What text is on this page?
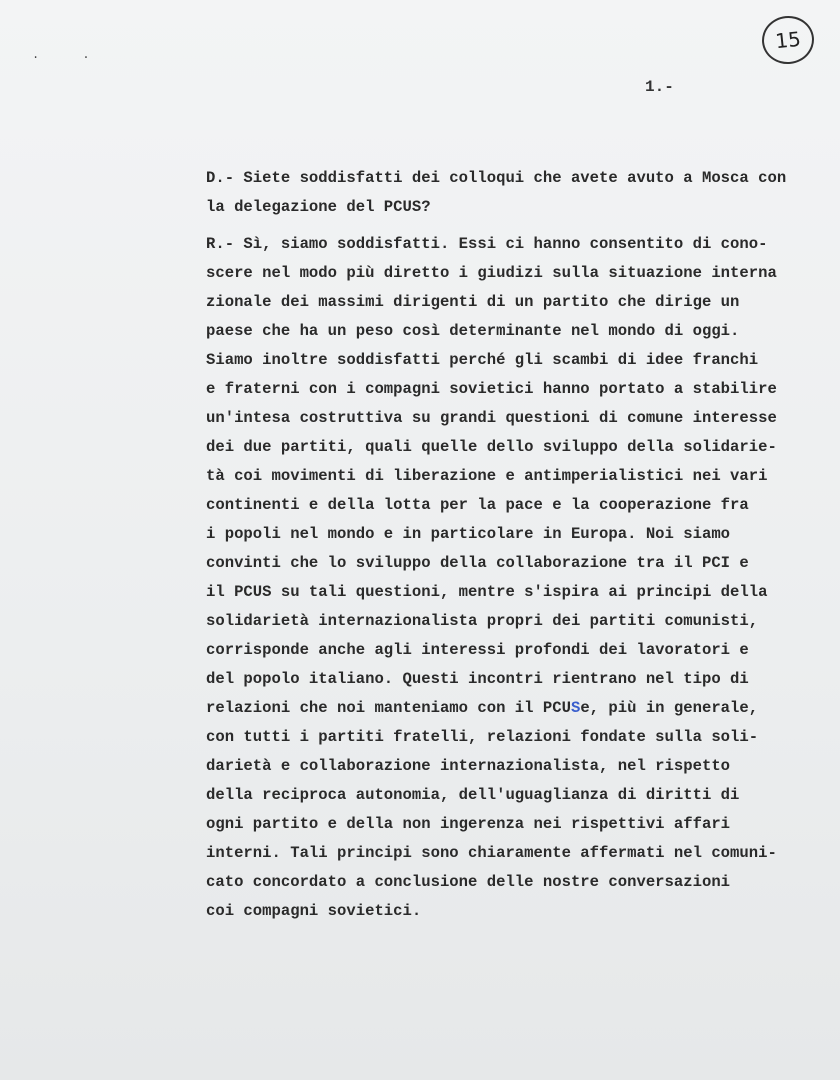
. .
15
1.-
D.- Siete soddisfatti dei colloqui che avete avuto a Mosca con
la delegazione del PCUS?
R.- Sì, siamo soddisfatti. Essi ci hanno consentito di cono-
scere nel modo più diretto i giudizi sulla situazione interna
zionale dei massimi dirigenti di un partito che dirige un
paese che ha un peso così determinante nel mondo di oggi.
Siamo inoltre soddisfatti perché gli scambi di idee franchi
e fraterni con i compagni sovietici hanno portato a stabilire
un'intesa costruttiva su grandi questioni di comune interesse
dei due partiti, quali quelle dello sviluppo della solidarie-
tà coi movimenti di liberazione e antimperialistici nei vari
continenti e della lotta per la pace e la cooperazione fra
i popoli nel mondo e in particolare in Europa. Noi siamo
convinti che lo sviluppo della collaborazione tra il PCI e
il PCUS su tali questioni, mentre s'ispira ai principi della
solidarietà internazionalista propri dei partiti comunisti,
corrisponde anche agli interessi profondi dei lavoratori e
del popolo italiano. Questi incontri rientrano nel tipo di
relazioni che noi manteniamo con il PCUSe, più in generale,
con tutti i partiti fratelli, relazioni fondate sulla soli-
darietà e collaborazione internazionalista, nel rispetto
della reciproca autonomia, dell'uguaglianza di diritti di
ogni partito e della non ingerenza nei rispettivi affari
interni. Tali principi sono chiaramente affermati nel comuni-
cato concordato a conclusione delle nostre conversazioni
coi compagni sovietici.
